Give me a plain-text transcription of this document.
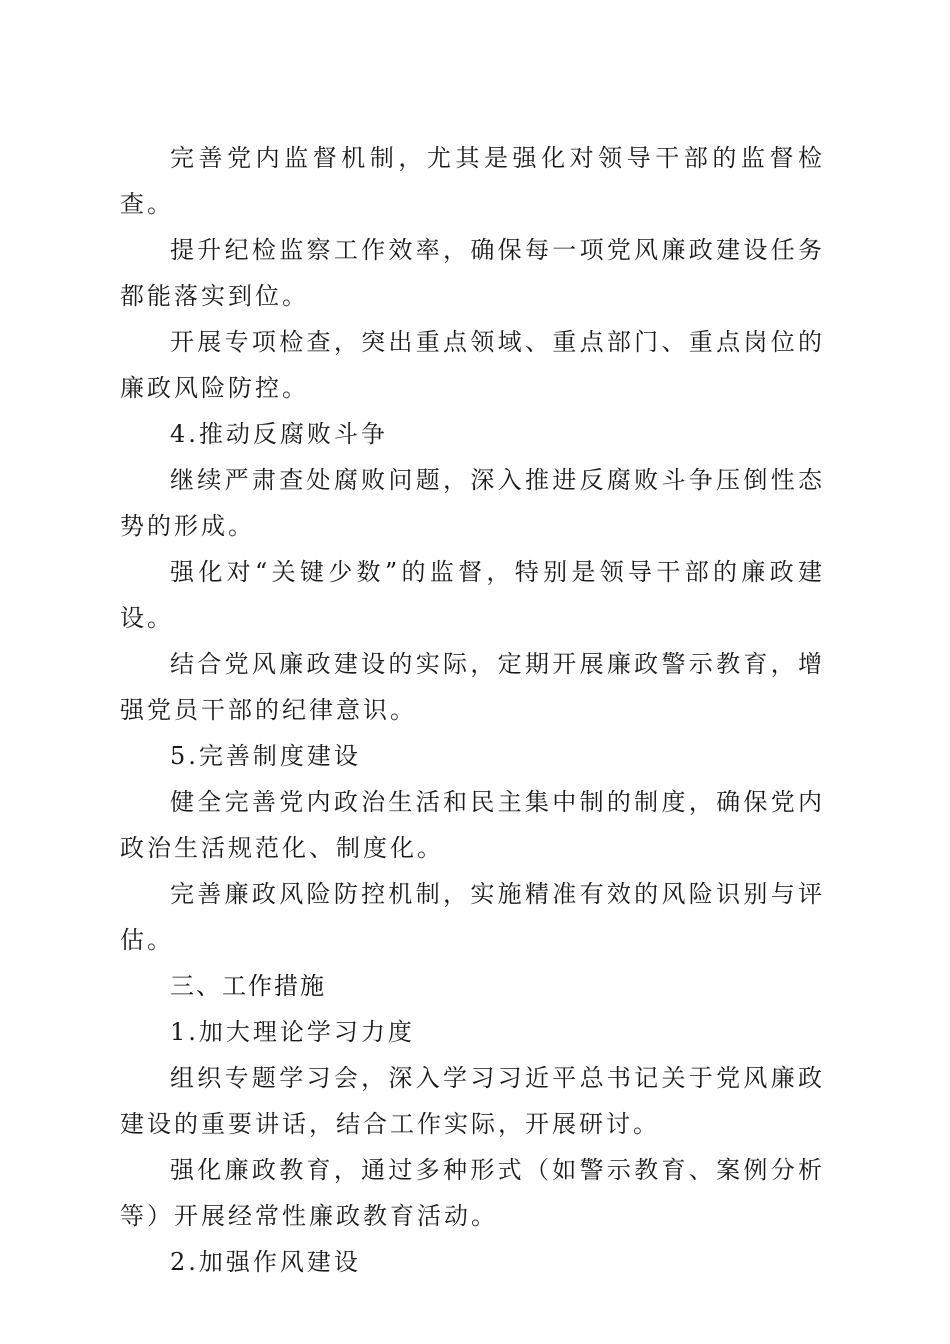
完善党内监督机制，尤其是强化对领导干部的监督检查。

提升纪检监察工作效率，确保每一项党风廉政建设任务都能落实到位。

开展专项检查，突出重点领域、重点部门、重点岗位的廉政风险防控。

4.推动反腐败斗争

继续严肃查处腐败问题，深入推进反腐败斗争压倒性态势的形成。

强化对“关键少数”的监督，特别是领导干部的廉政建设。

结合党风廉政建设的实际，定期开展廉政警示教育，增强党员干部的纪律意识。

5.完善制度建设

健全完善党内政治生活和民主集中制的制度，确保党内政治生活规范化、制度化。

完善廉政风险防控机制，实施精准有效的风险识别与评估。

三、工作措施

1.加大理论学习力度

组织专题学习会，深入学习习近平总书记关于党风廉政建设的重要讲话，结合工作实际，开展研讨。

强化廉政教育，通过多种形式（如警示教育、案例分析等）开展经常性廉政教育活动。

2.加强作风建设
